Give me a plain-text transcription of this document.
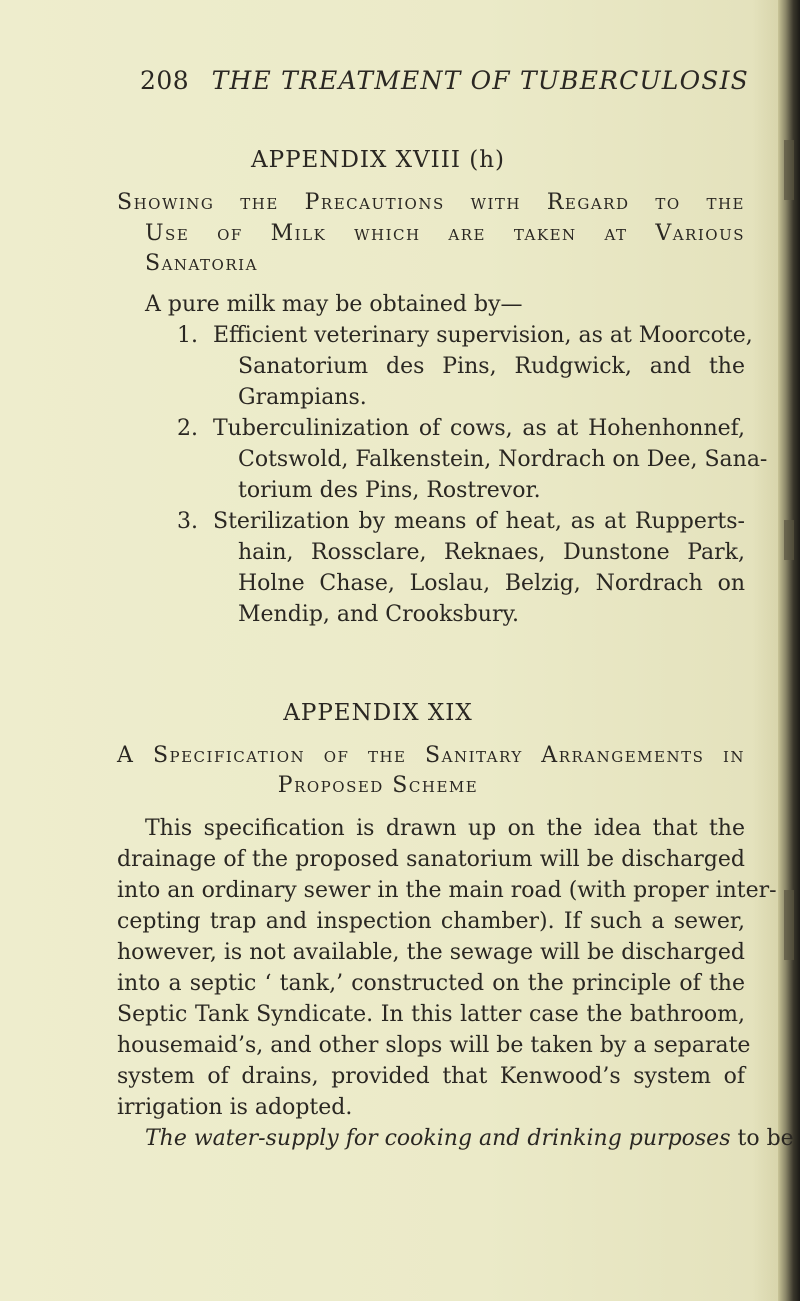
208 THE TREATMENT OF TUBERCULOSIS
APPENDIX XVIII (h)
Showing the Precautions with Regard to the
Use of Milk which are taken at Various
Sanatoria
A pure milk may be obtained by—
1. Efficient veterinary supervision, as at Moorcote,
Sanatorium des Pins, Rudgwick, and the
Grampians.
2. Tuberculinization of cows, as at Hohenhonnef,
Cotswold, Falkenstein, Nordrach on Dee, Sana-
torium des Pins, Rostrevor.
3. Sterilization by means of heat, as at Rupperts-
hain, Rossclare, Reknaes, Dunstone Park,
Holne Chase, Loslau, Belzig, Nordrach on
Mendip, and Crooksbury.
APPENDIX XIX
A Specification of the Sanitary Arrangements in
Proposed Scheme
This specification is drawn up on the idea that the
drainage of the proposed sanatorium will be discharged
into an ordinary sewer in the main road (with proper inter-
cepting trap and inspection chamber). If such a sewer,
however, is not available, the sewage will be discharged
into a septic ‘ tank,’ constructed on the principle of the
Septic Tank Syndicate. In this latter case the bathroom,
housemaid’s, and other slops will be taken by a separate
system of drains, provided that Kenwood’s system of
irrigation is adopted.
The water-supply for cooking and drinking purposes to be
